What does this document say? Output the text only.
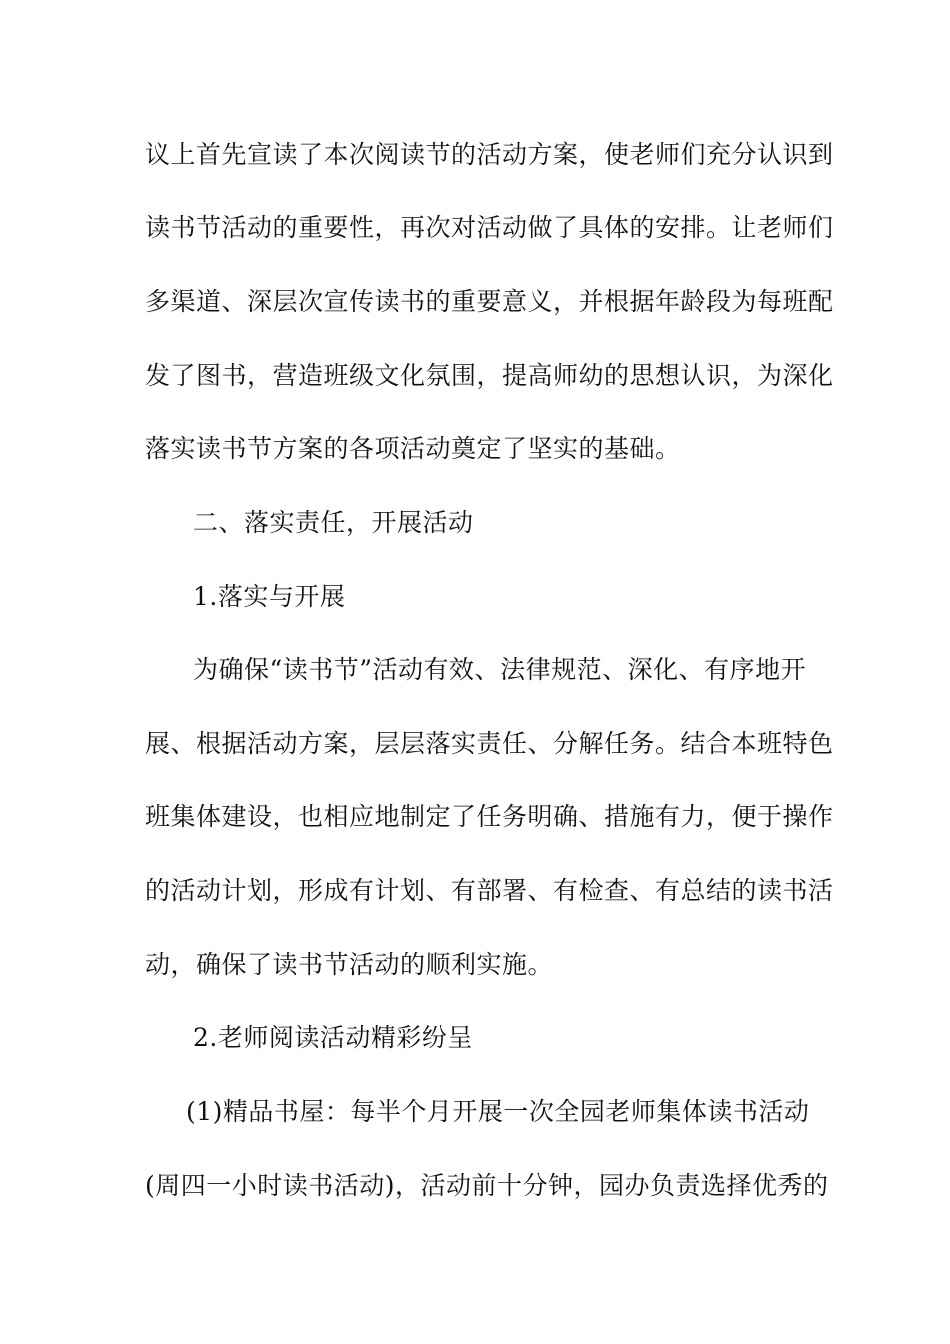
议上首先宣读了本次阅读节的活动方案，使老师们充分认识到
读书节活动的重要性，再次对活动做了具体的安排。让老师们
多渠道、深层次宣传读书的重要意义，并根据年龄段为每班配
发了图书，营造班级文化氛围，提高师幼的思想认识，为深化
落实读书节方案的各项活动奠定了坚实的基础。
二、落实责任，开展活动
1.落实与开展
为确保“读书节”活动有效、法律规范、深化、有序地开
展、根据活动方案，层层落实责任、分解任务。结合本班特色
班集体建设，也相应地制定了任务明确、措施有力，便于操作
的活动计划，形成有计划、有部署、有检查、有总结的读书活
动，确保了读书节活动的顺利实施。
2.老师阅读活动精彩纷呈
(1)精品书屋：每半个月开展一次全园老师集体读书活动
(周四一小时读书活动)，活动前十分钟，园办负责选择优秀的
